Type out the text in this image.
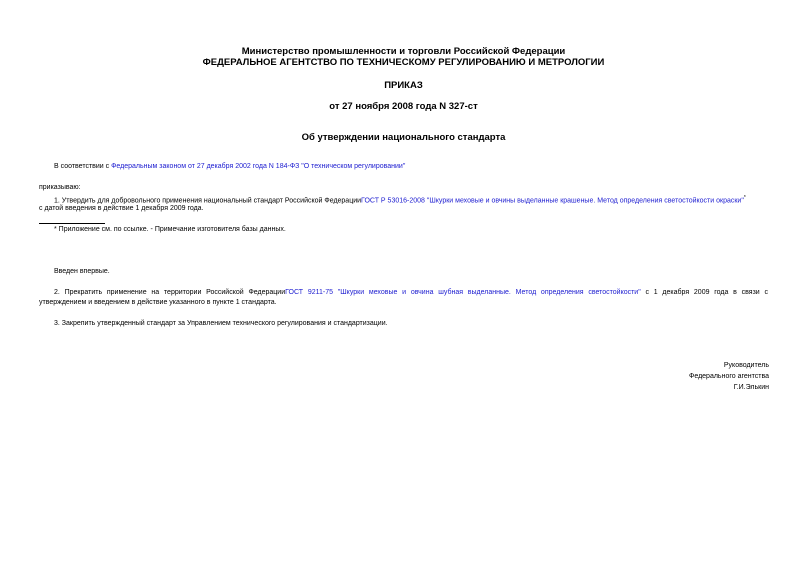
Министерство промышленности и торговли Российской Федерации
ФЕДЕРАЛЬНОЕ АГЕНТСТВО ПО ТЕХНИЧЕСКОМУ РЕГУЛИРОВАНИЮ И МЕТРОЛОГИИ
ПРИКАЗ
от 27 ноября 2008 года N 327-ст
Об утверждении национального стандарта
В соответствии с Федеральным законом от 27 декабря 2002 года N 184-ФЗ "О техническом регулировании"
приказываю:
1. Утвердить для добровольного применения национальный стандарт Российской ФедерацииГОСТ Р 53016-2008 "Шкурки меховые и овчины выделанные крашеные. Метод определения светостойкости окраски"*
с датой введения в действие 1 декабря 2009 года.
* Приложение см. по ссылке. - Примечание изготовителя базы данных.
Введен впервые.
2. Прекратить применение на территории Российской ФедерацииГОСТ 9211-75 "Шкурки меховые и овчина шубная выделанные. Метод определения светостойкости" с 1 декабря 2009 года в связи с
утверждением и введением в действие указанного в пункте 1 стандарта.
3. Закрепить утвержденный стандарт за Управлением технического регулирования и стандартизации.
Руководитель
Федерального агентства
Г.И.Элькин
